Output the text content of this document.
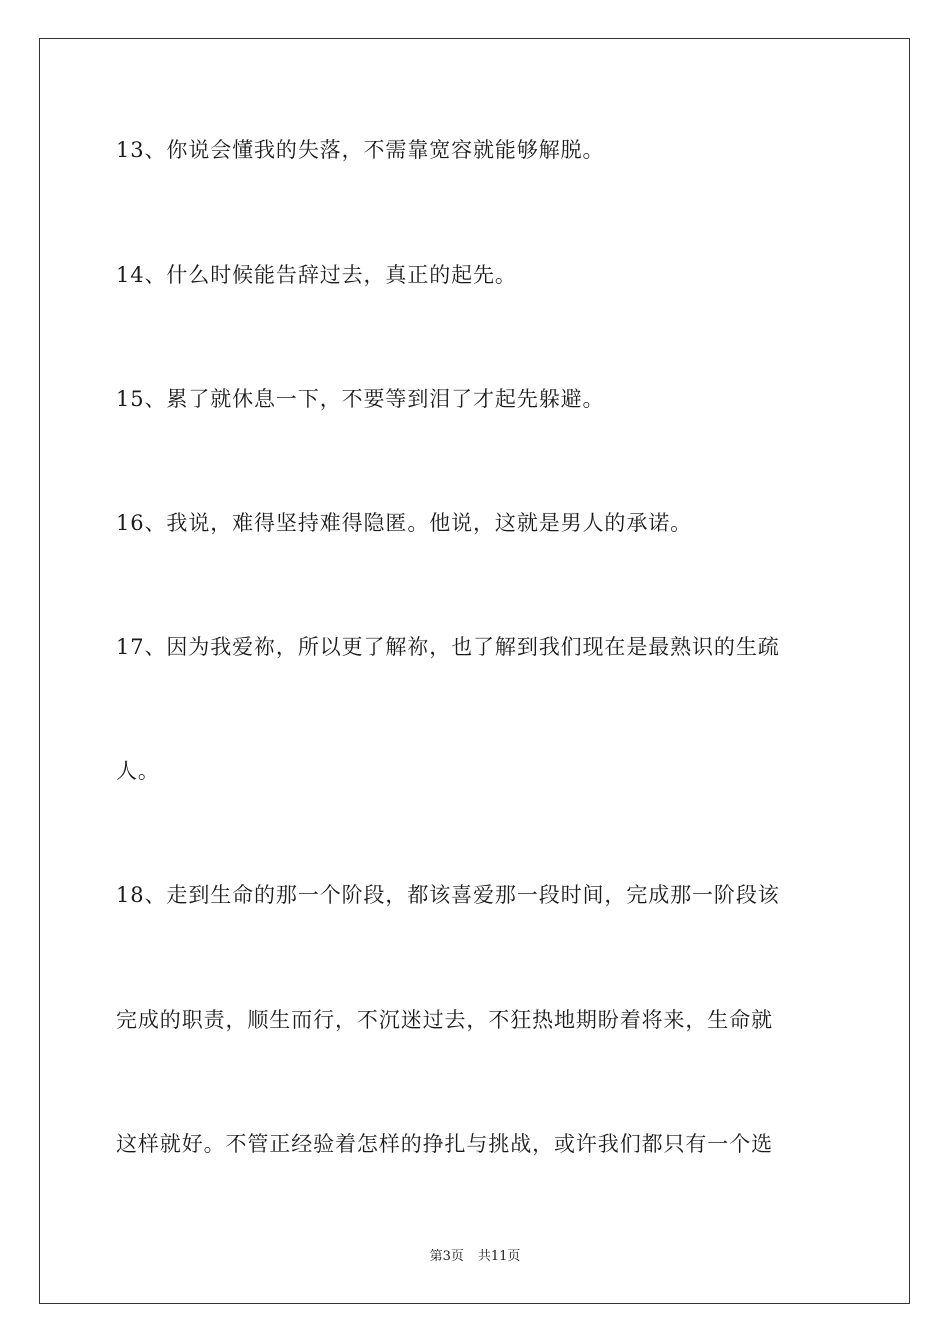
13、你说会懂我的失落，不需靠宽容就能够解脱。
14、什么时候能告辞过去，真正的起先。
15、累了就休息一下，不要等到泪了才起先躲避。
16、我说，难得坚持难得隐匿。他说，这就是男人的承诺。
17、因为我爱祢，所以更了解祢，也了解到我们现在是最熟识的生疏
人。
18、走到生命的那一个阶段，都该喜爱那一段时间，完成那一阶段该
完成的职责，顺生而行，不沉迷过去，不狂热地期盼着将来，生命就
这样就好。不管正经验着怎样的挣扎与挑战，或许我们都只有一个选
第3页 共11页
